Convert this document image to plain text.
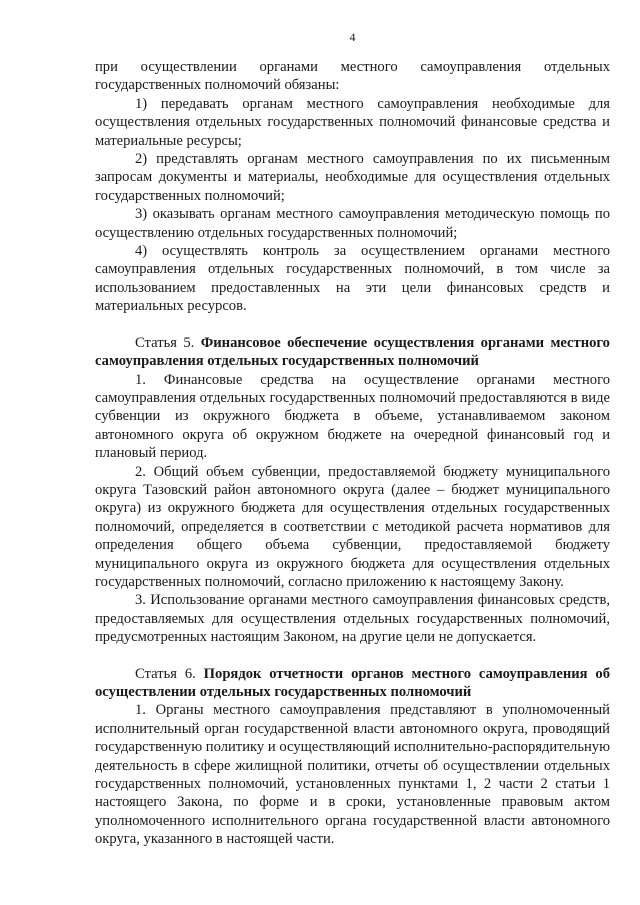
4

при осуществлении органами местного самоуправления отдельных государственных полномочий обязаны:

1) передавать органам местного самоуправления необходимые для осуществления отдельных государственных полномочий финансовые средства и материальные ресурсы;

2) представлять органам местного самоуправления по их письменным запросам документы и материалы, необходимые для осуществления отдельных государственных полномочий;

3) оказывать органам местного самоуправления методическую помощь по осуществлению отдельных государственных полномочий;

4) осуществлять контроль за осуществлением органами местного самоуправления отдельных государственных полномочий, в том числе за использованием предоставленных на эти цели финансовых средств и материальных ресурсов.

Статья 5. Финансовое обеспечение осуществления органами местного самоуправления отдельных государственных полномочий

1. Финансовые средства на осуществление органами местного самоуправления отдельных государственных полномочий предоставляются в виде субвенции из окружного бюджета в объеме, устанавливаемом законом автономного округа об окружном бюджете на очередной финансовый год и плановый период.

2. Общий объем субвенции, предоставляемой бюджету муниципального округа Тазовский район автономного округа (далее – бюджет муниципального округа) из окружного бюджета для осуществления отдельных государственных полномочий, определяется в соответствии с методикой расчета нормативов для определения общего объема субвенции, предоставляемой бюджету муниципального округа из окружного бюджета для осуществления отдельных государственных полномочий, согласно приложению к настоящему Закону.

3. Использование органами местного самоуправления финансовых средств, предоставляемых для осуществления отдельных государственных полномочий, предусмотренных настоящим Законом, на другие цели не допускается.

Статья 6. Порядок отчетности органов местного самоуправления об осуществлении отдельных государственных полномочий

1. Органы местного самоуправления представляют в уполномоченный исполнительный орган государственной власти автономного округа, проводящий государственную политику и осуществляющий исполнительно-распорядительную деятельность в сфере жилищной политики, отчеты об осуществлении отдельных государственных полномочий, установленных пунктами 1, 2 части 2 статьи 1 настоящего Закона, по форме и в сроки, установленные правовым актом уполномоченного исполнительного органа государственной власти автономного округа, указанного в настоящей части.
